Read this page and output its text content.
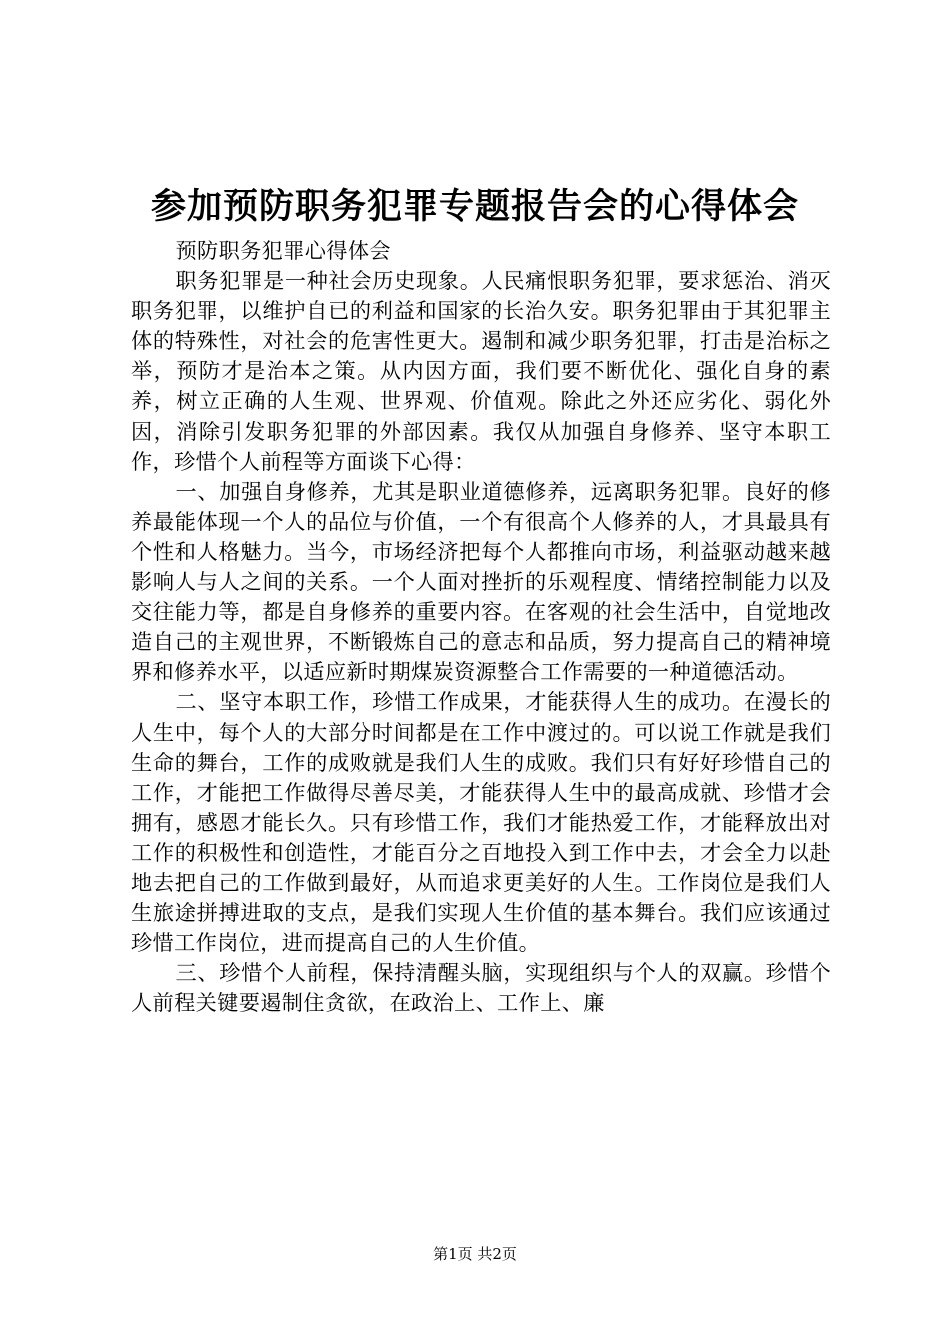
参加预防职务犯罪专题报告会的心得体会

预防职务犯罪心得体会

职务犯罪是一种社会历史现象。人民痛恨职务犯罪，要求惩治、消灭职务犯罪，以维护自已的利益和国家的长治久安。职务犯罪由于其犯罪主体的特殊性，对社会的危害性更大。遏制和减少职务犯罪，打击是治标之举，预防才是治本之策。从内因方面，我们要不断优化、强化自身的素养，树立正确的人生观、世界观、价值观。除此之外还应劣化、弱化外因，消除引发职务犯罪的外部因素。我仅从加强自身修养、坚守本职工作，珍惜个人前程等方面谈下心得：

一、加强自身修养，尤其是职业道德修养，远离职务犯罪。良好的修养最能体现一个人的品位与价值，一个有很高个人修养的人，才具最具有个性和人格魅力。当今，市场经济把每个人都推向市场，利益驱动越来越影响人与人之间的关系。一个人面对挫折的乐观程度、情绪控制能力以及交往能力等，都是自身修养的重要内容。在客观的社会生活中，自觉地改造自己的主观世界，不断锻炼自己的意志和品质，努力提高自己的精神境界和修养水平，以适应新时期煤炭资源整合工作需要的一种道德活动。

二、坚守本职工作，珍惜工作成果，才能获得人生的成功。在漫长的人生中，每个人的大部分时间都是在工作中渡过的。可以说工作就是我们生命的舞台，工作的成败就是我们人生的成败。我们只有好好珍惜自己的工作，才能把工作做得尽善尽美，才能获得人生中的最高成就、珍惜才会拥有，感恩才能长久。只有珍惜工作，我们才能热爱工作，才能释放出对工作的积极性和创造性，才能百分之百地投入到工作中去，才会全力以赴地去把自己的工作做到最好，从而追求更美好的人生。工作岗位是我们人生旅途拼搏进取的支点，是我们实现人生价值的基本舞台。我们应该通过珍惜工作岗位，进而提高自己的人生价值。

三、珍惜个人前程，保持清醒头脑，实现组织与个人的双赢。珍惜个人前程关键要遏制住贪欲，在政治上、工作上、廉

第1页 共2页
